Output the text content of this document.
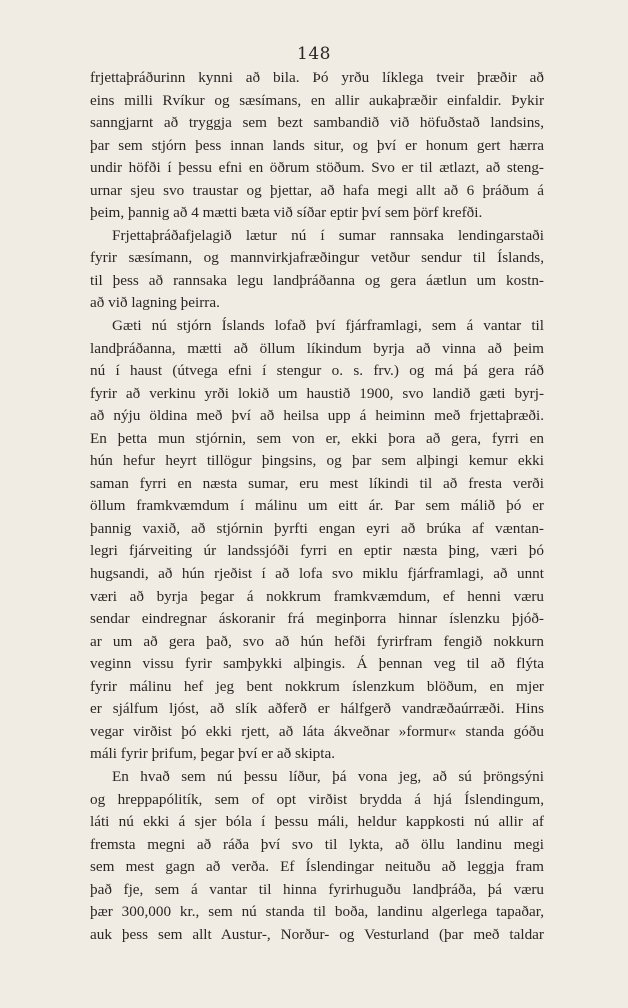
148
frjettaþráðurinn kynni að bila. Þó yrðu líklega tveir þræðir að
eins milli Rvíkur og sæsímans, en allir aukaþræðir einfaldir. Þykir
sanngjarnt að tryggja sem bezt sambandið við höfuðstað landsins,
þar sem stjórn þess innan lands situr, og því er honum gert hærra
undir höfði í þessu efni en öðrum stöðum. Svo er til ætlazt, að steng-
urnar sjeu svo traustar og þjettar, að hafa megi allt að 6 þráðum á
þeim, þannig að 4 mætti bæta við síðar eptir því sem þörf krefði.
Frjettaþráðafjelagið lætur nú í sumar rannsaka lendingarstaði
fyrir sæsímann, og mannvirkjafræðingur vetður sendur til Íslands,
til þess að rannsaka legu landþráðanna og gera áætlun um kostn-
að við lagning þeirra.
Gæti nú stjórn Íslands lofað því fjárframlagi, sem á vantar til
landþráðanna, mætti að öllum líkindum byrja að vinna að þeim
nú í haust (útvega efni í stengur o. s. frv.) og má þá gera ráð
fyrir að verkinu yrði lokið um haustið 1900, svo landið gæti byrj-
að nýju öldina með því að heilsa upp á heiminn með frjettaþræði.
En þetta mun stjórnin, sem von er, ekki þora að gera, fyrri en
hún hefur heyrt tillögur þingsins, og þar sem alþingi kemur ekki
saman fyrri en næsta sumar, eru mest líkindi til að fresta verði
öllum framkvæmdum í málinu um eitt ár. Þar sem málið þó er
þannig vaxið, að stjórnin þyrfti engan eyri að brúka af væntan-
legri fjárveiting úr landssjóði fyrri en eptir næsta þing, væri þó
hugsandi, að hún rjeðist í að lofa svo miklu fjárframlagi, að unnt
væri að byrja þegar á nokkrum framkvæmdum, ef henni væru
sendar eindregnar áskoranir frá meginþorra hinnar íslenzku þjóð-
ar um að gera það, svo að hún hefði fyrirfram fengið nokkurn
veginn vissu fyrir samþykki alþingis. Á þennan veg til að flýta
fyrir málinu hef jeg bent nokkrum íslenzkum blöðum, en mjer
er sjálfum ljóst, að slík aðferð er hálfgerð vandræðaúrræði. Hins
vegar virðist þó ekki rjett, að láta ákveðnar »formur« standa góðu
máli fyrir þrifum, þegar því er að skipta.
En hvað sem nú þessu líður, þá vona jeg, að sú þröngsýni
og hreppapólitík, sem of opt virðist brydda á hjá Íslendingum,
láti nú ekki á sjer bóla í þessu máli, heldur kappkosti nú allir af
fremsta megni að ráða því svo til lykta, að öllu landinu megi
sem mest gagn að verða. Ef Íslendingar neituðu að leggja fram
það fje, sem á vantar til hinna fyrirhuguðu landþráða, þá væru
þær 300,000 kr., sem nú standa til boða, landinu algerlega tapaðar,
auk þess sem allt Austur-, Norður- og Vesturland (þar með taldar
